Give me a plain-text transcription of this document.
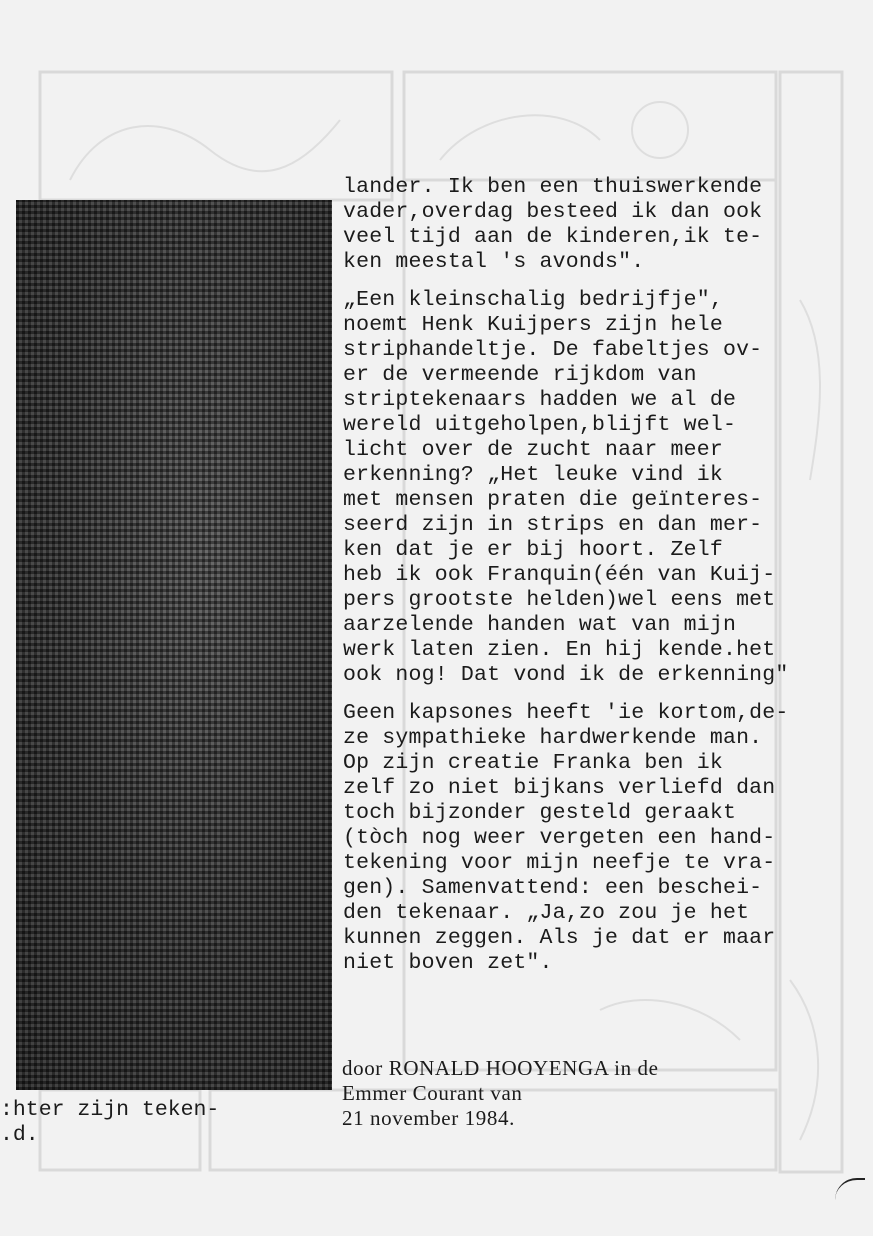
lander. Ik ben een thuiswerkende
vader,overdag besteed ik dan ook
veel tijd aan de kinderen,ik te-
ken meestal 's avonds".
„Een kleinschalig bedrijfje",
noemt Henk Kuijpers zijn hele
striphandeltje. De fabeltjes ov-
er de vermeende rijkdom van
striptekenaars hadden we al de
wereld uitgeholpen,blijft wel-
licht over de zucht naar meer
erkenning? „Het leuke vind ik
met mensen praten die geïnteres-
seerd zijn in strips en dan mer-
ken dat je er bij hoort. Zelf
heb ik ook Franquin(één van Kuij-
pers grootste helden)wel eens met
aarzelende handen wat van mijn
werk laten zien. En hij kende.het
ook nog! Dat vond ik de erkenning"
Geen kapsones heeft 'ie kortom,de-
ze sympathieke hardwerkende man.
Op zijn creatie Franka ben ik
zelf zo niet bijkans verliefd dan
toch bijzonder gesteld geraakt
(tòch nog weer vergeten een hand-
tekening voor mijn neefje te vra-
gen). Samenvattend: een beschei-
den tekenaar. „Ja,zo zou je het
kunnen zeggen. Als je dat er maar
niet boven zet".
door RONALD HOOYENGA in de
Emmer Courant van
21 november 1984.
:hter zijn teken-
.d.
